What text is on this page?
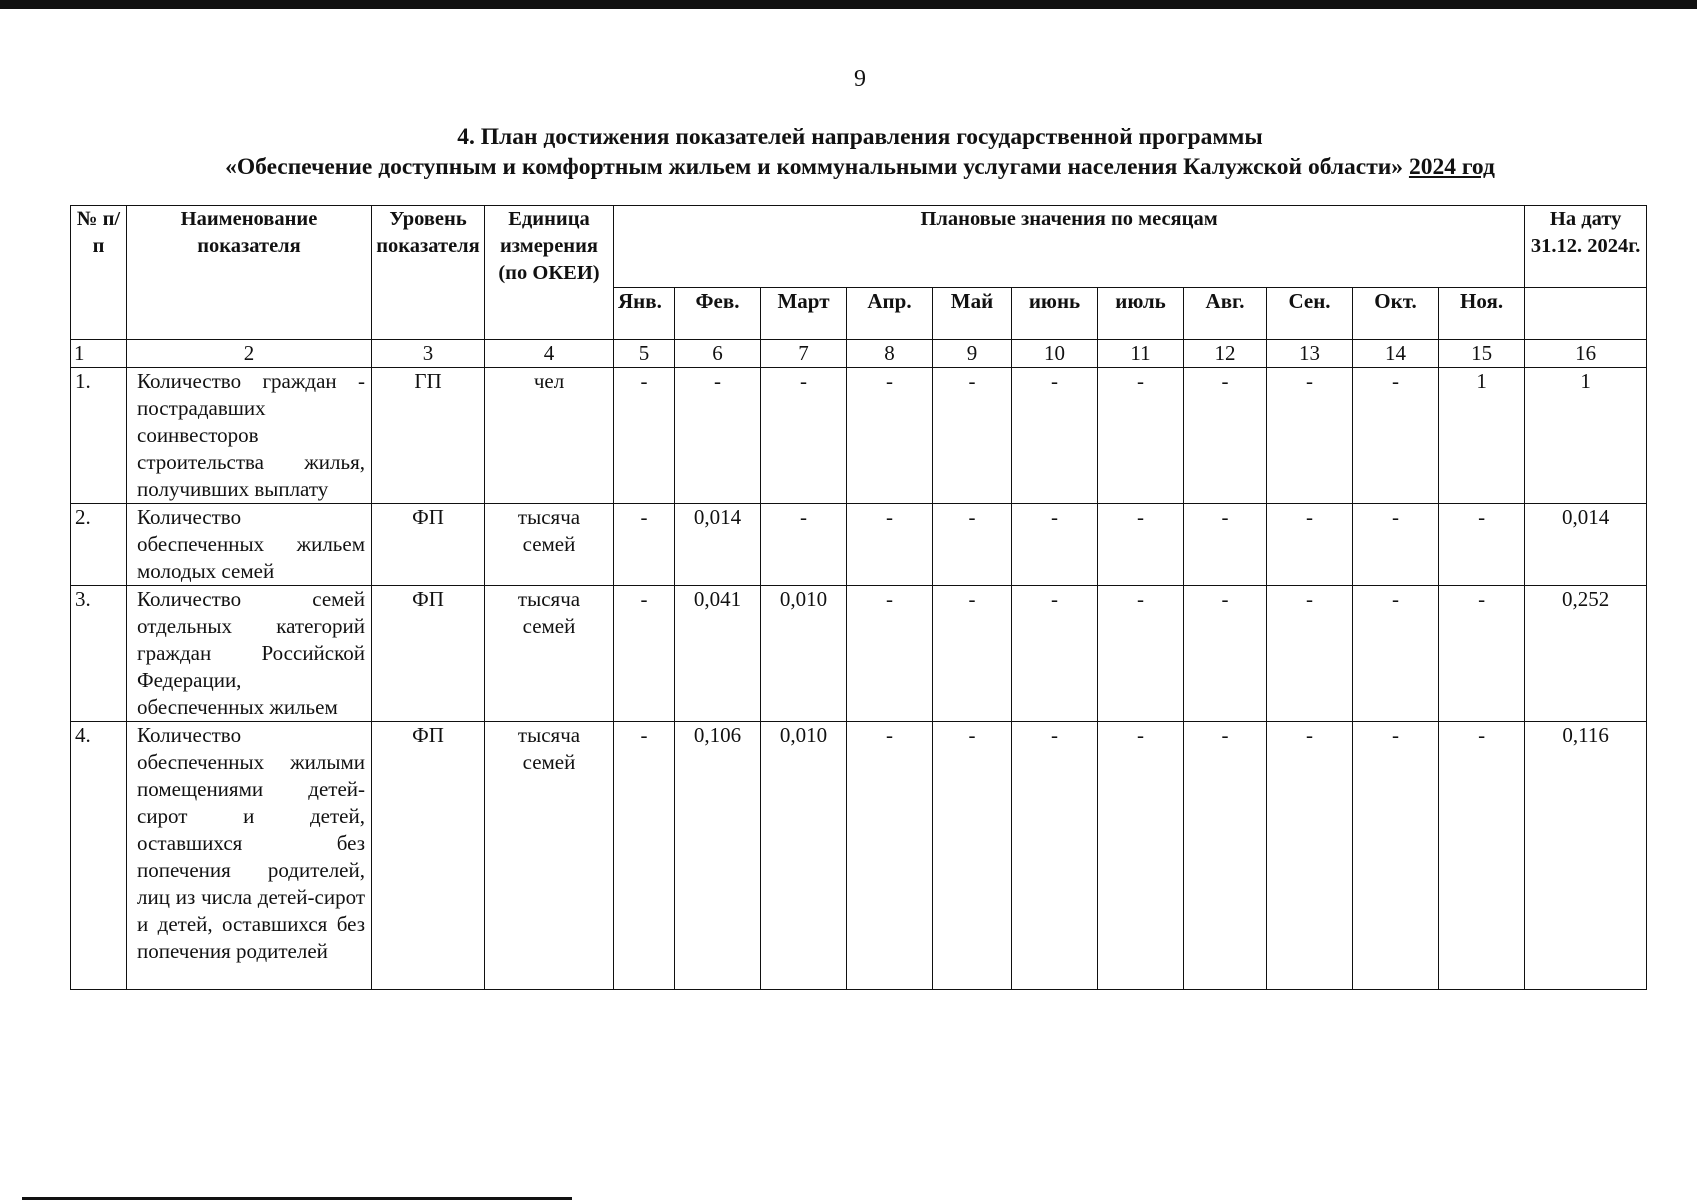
9
4. План достижения показателей направления государственной программы
«Обеспечение доступным и комфортным жильем и коммунальными услугами населения Калужской области» 2024 год
№ п/п	Наименование показателя	Уровень показателя	Единица измерения (по ОКЕИ)	Плановые значения по месяцам											На дату 31.12. 2024г.
				Янв.	Фев.	Март	Апр.	Май	июнь	июль	Авг.	Сен.	Окт.	Ноя.	
1	2	3	4	5	6	7	8	9	10	11	12	13	14	15	16
1.	Количество граждан - пострадавших соинвесторов строительства жилья, получивших выплату	ГП	чел	-	-	-	-	-	-	-	-	-	-	1	1
2.	Количество обеспеченных жильем молодых семей	ФП	тысяча семей	-	0,014	-	-	-	-	-	-	-	-	-	0,014
3.	Количество семей отдельных категорий граждан Российской Федерации, обеспеченных жильем	ФП	тысяча семей	-	0,041	0,010	-	-	-	-	-	-	-	-	0,252
4.	Количество обеспеченных жилыми помещениями детей-сирот и детей, оставшихся без попечения родителей, лиц из числа детей-сирот и детей, оставшихся без попечения родителей	ФП	тысяча семей	-	0,106	0,010	-	-	-	-	-	-	-	-	0,116
